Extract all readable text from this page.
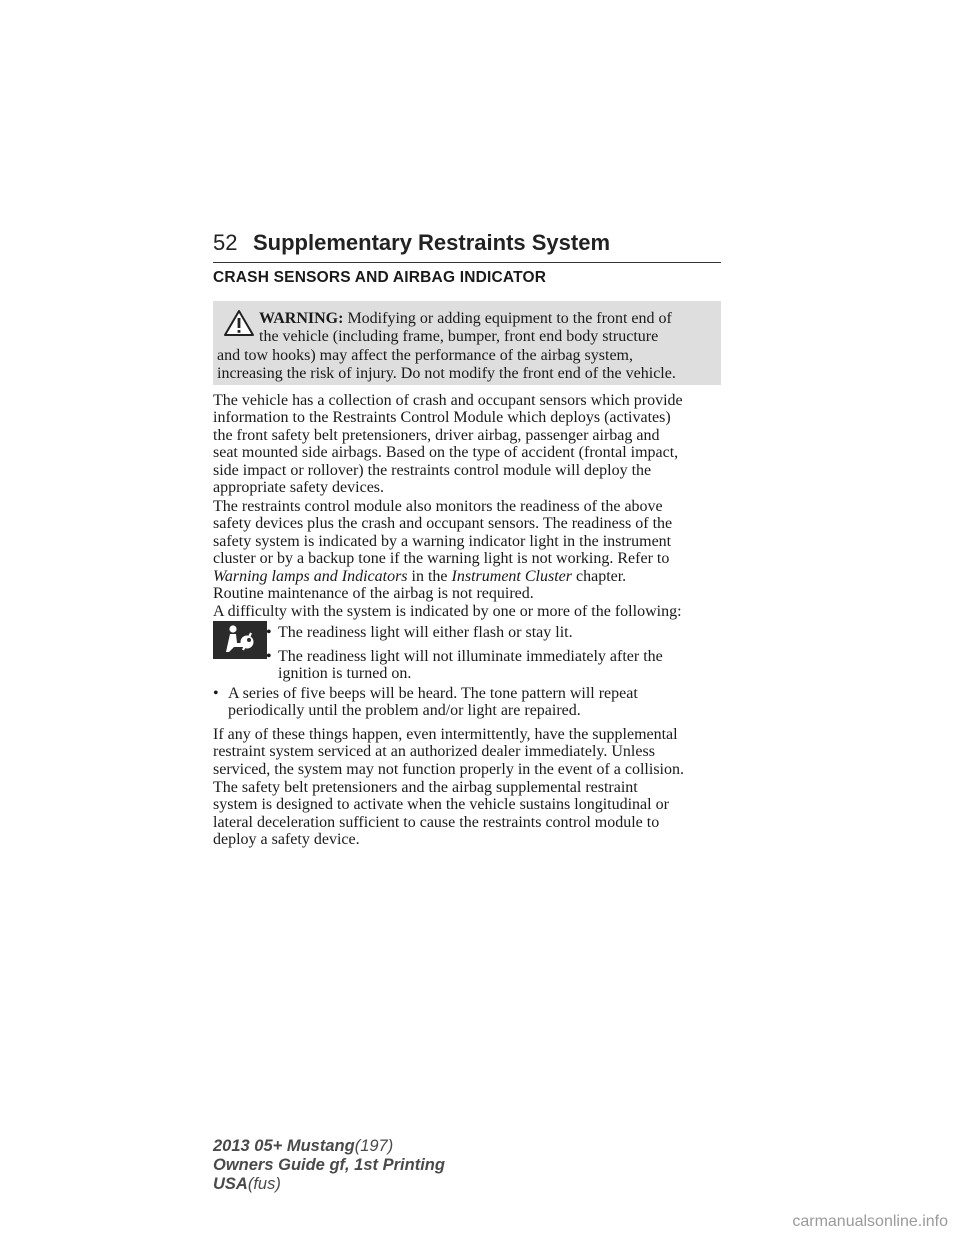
52 Supplementary Restraints System
CRASH SENSORS AND AIRBAG INDICATOR
WARNING: Modifying or adding equipment to the front end of
the vehicle (including frame, bumper, front end body structure
and tow hooks) may affect the performance of the airbag system,
increasing the risk of injury. Do not modify the front end of the vehicle.
The vehicle has a collection of crash and occupant sensors which provide
information to the Restraints Control Module which deploys (activates)
the front safety belt pretensioners, driver airbag, passenger airbag and
seat mounted side airbags. Based on the type of accident (frontal impact,
side impact or rollover) the restraints control module will deploy the
appropriate safety devices.
The restraints control module also monitors the readiness of the above
safety devices plus the crash and occupant sensors. The readiness of the
safety system is indicated by a warning indicator light in the instrument
cluster or by a backup tone if the warning light is not working. Refer to
Warning lamps and Indicators in the Instrument Cluster chapter.
Routine maintenance of the airbag is not required.
A difficulty with the system is indicated by one or more of the following:
• The readiness light will either flash or stay lit.
• The readiness light will not illuminate immediately after the
ignition is turned on.
• A series of five beeps will be heard. The tone pattern will repeat
periodically until the problem and/or light are repaired.
If any of these things happen, even intermittently, have the supplemental
restraint system serviced at an authorized dealer immediately. Unless
serviced, the system may not function properly in the event of a collision.
The safety belt pretensioners and the airbag supplemental restraint
system is designed to activate when the vehicle sustains longitudinal or
lateral deceleration sufficient to cause the restraints control module to
deploy a safety device.
2013 05+ Mustang(197)
Owners Guide gf, 1st Printing
USA(fus)
carmanualsonline.info
